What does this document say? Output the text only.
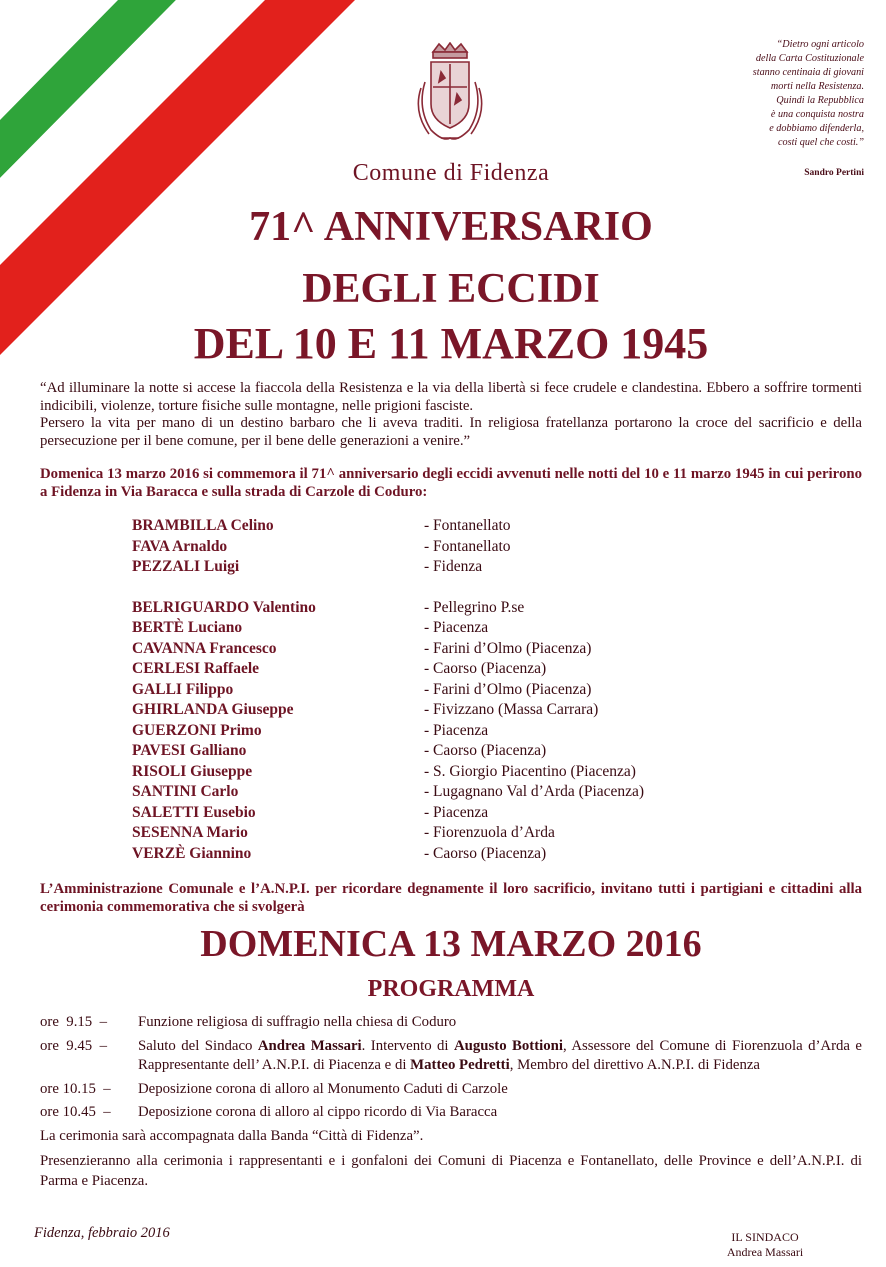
“Dietro ogni articolo
della Carta Costituzionale
stanno centinaia di giovani
morti nella Resistenza.
Quindi la Repubblica
è una conquista nostra
e dobbiamo difenderla,
costi quel che costi.”
Sandro Pertini
Comune di Fidenza
71^ ANNIVERSARIO
DEGLI ECCIDI
DEL 10 E 11 MARZO 1945

“Ad illuminare la notte si accese la fiaccola della Resistenza e la via della libertà si fece crudele e clandestina. Ebbero a soffrire tormenti indicibili, violenze, torture fisiche sulle montagne, nelle prigioni fasciste.

Persero la vita per mano di un destino barbaro che li aveva traditi. In religiosa fratellanza portarono la croce del sacrificio e della persecuzione per il bene comune, per il bene delle generazioni a venire.”

Domenica 13 marzo 2016 si commemora il 71^ anniversario degli eccidi avvenuti nelle notti del 10 e 11 marzo 1945 in cui perirono a Fidenza in Via Baracca e sulla strada di Carzole di Coduro:
BRAMBILLA Celino	- Fontanellato
FAVA Arnaldo	- Fontanellato
PEZZALI Luigi	- Fidenza
BELRIGUARDO Valentino	- Pellegrino P.se
BERTÈ Luciano	- Piacenza
CAVANNA Francesco	- Farini d’Olmo (Piacenza)
CERLESI Raffaele	- Caorso (Piacenza)
GALLI Filippo	- Farini d’Olmo (Piacenza)
GHIRLANDA Giuseppe	- Fivizzano (Massa Carrara)
GUERZONI Primo	- Piacenza
PAVESI Galliano	- Caorso (Piacenza)
RISOLI Giuseppe	- S. Giorgio Piacentino (Piacenza)
SANTINI Carlo	- Lugagnano Val d’Arda (Piacenza)
SALETTI Eusebio	- Piacenza
SESENNA Mario	- Fiorenzuola d’Arda
VERZÈ Giannino	- Caorso (Piacenza)
L’Amministrazione Comunale e l’A.N.P.I. per ricordare degnamente il loro sacrificio, invitano tutti i partigiani e cittadini alla cerimonia commemorativa che si svolgerà
DOMENICA 13 MARZO 2016
PROGRAMMA
ore  9.15  – Funzione religiosa di suffragio nella chiesa di Coduro
ore  9.45  – Saluto del Sindaco Andrea Massari. Intervento di Augusto Bottioni, Assessore del Comune di Fiorenzuola d’Arda e Rappresentante dell’ A.N.P.I. di Piacenza e di Matteo Pedretti, Membro del direttivo A.N.P.I. di Fidenza
ore 10.15  – Deposizione corona di alloro al Monumento Caduti di Carzole
ore 10.45  – Deposizione corona di alloro al cippo ricordo di Via Baracca
La cerimonia sarà accompagnata dalla Banda “Città di Fidenza”.
Presenzieranno alla cerimonia i rappresentanti e i gonfaloni dei Comuni di Piacenza e Fontanellato, delle Province e dell’A.N.P.I. di Parma e Piacenza.
Fidenza, febbraio 2016	IL SINDACO
Andrea Massari
